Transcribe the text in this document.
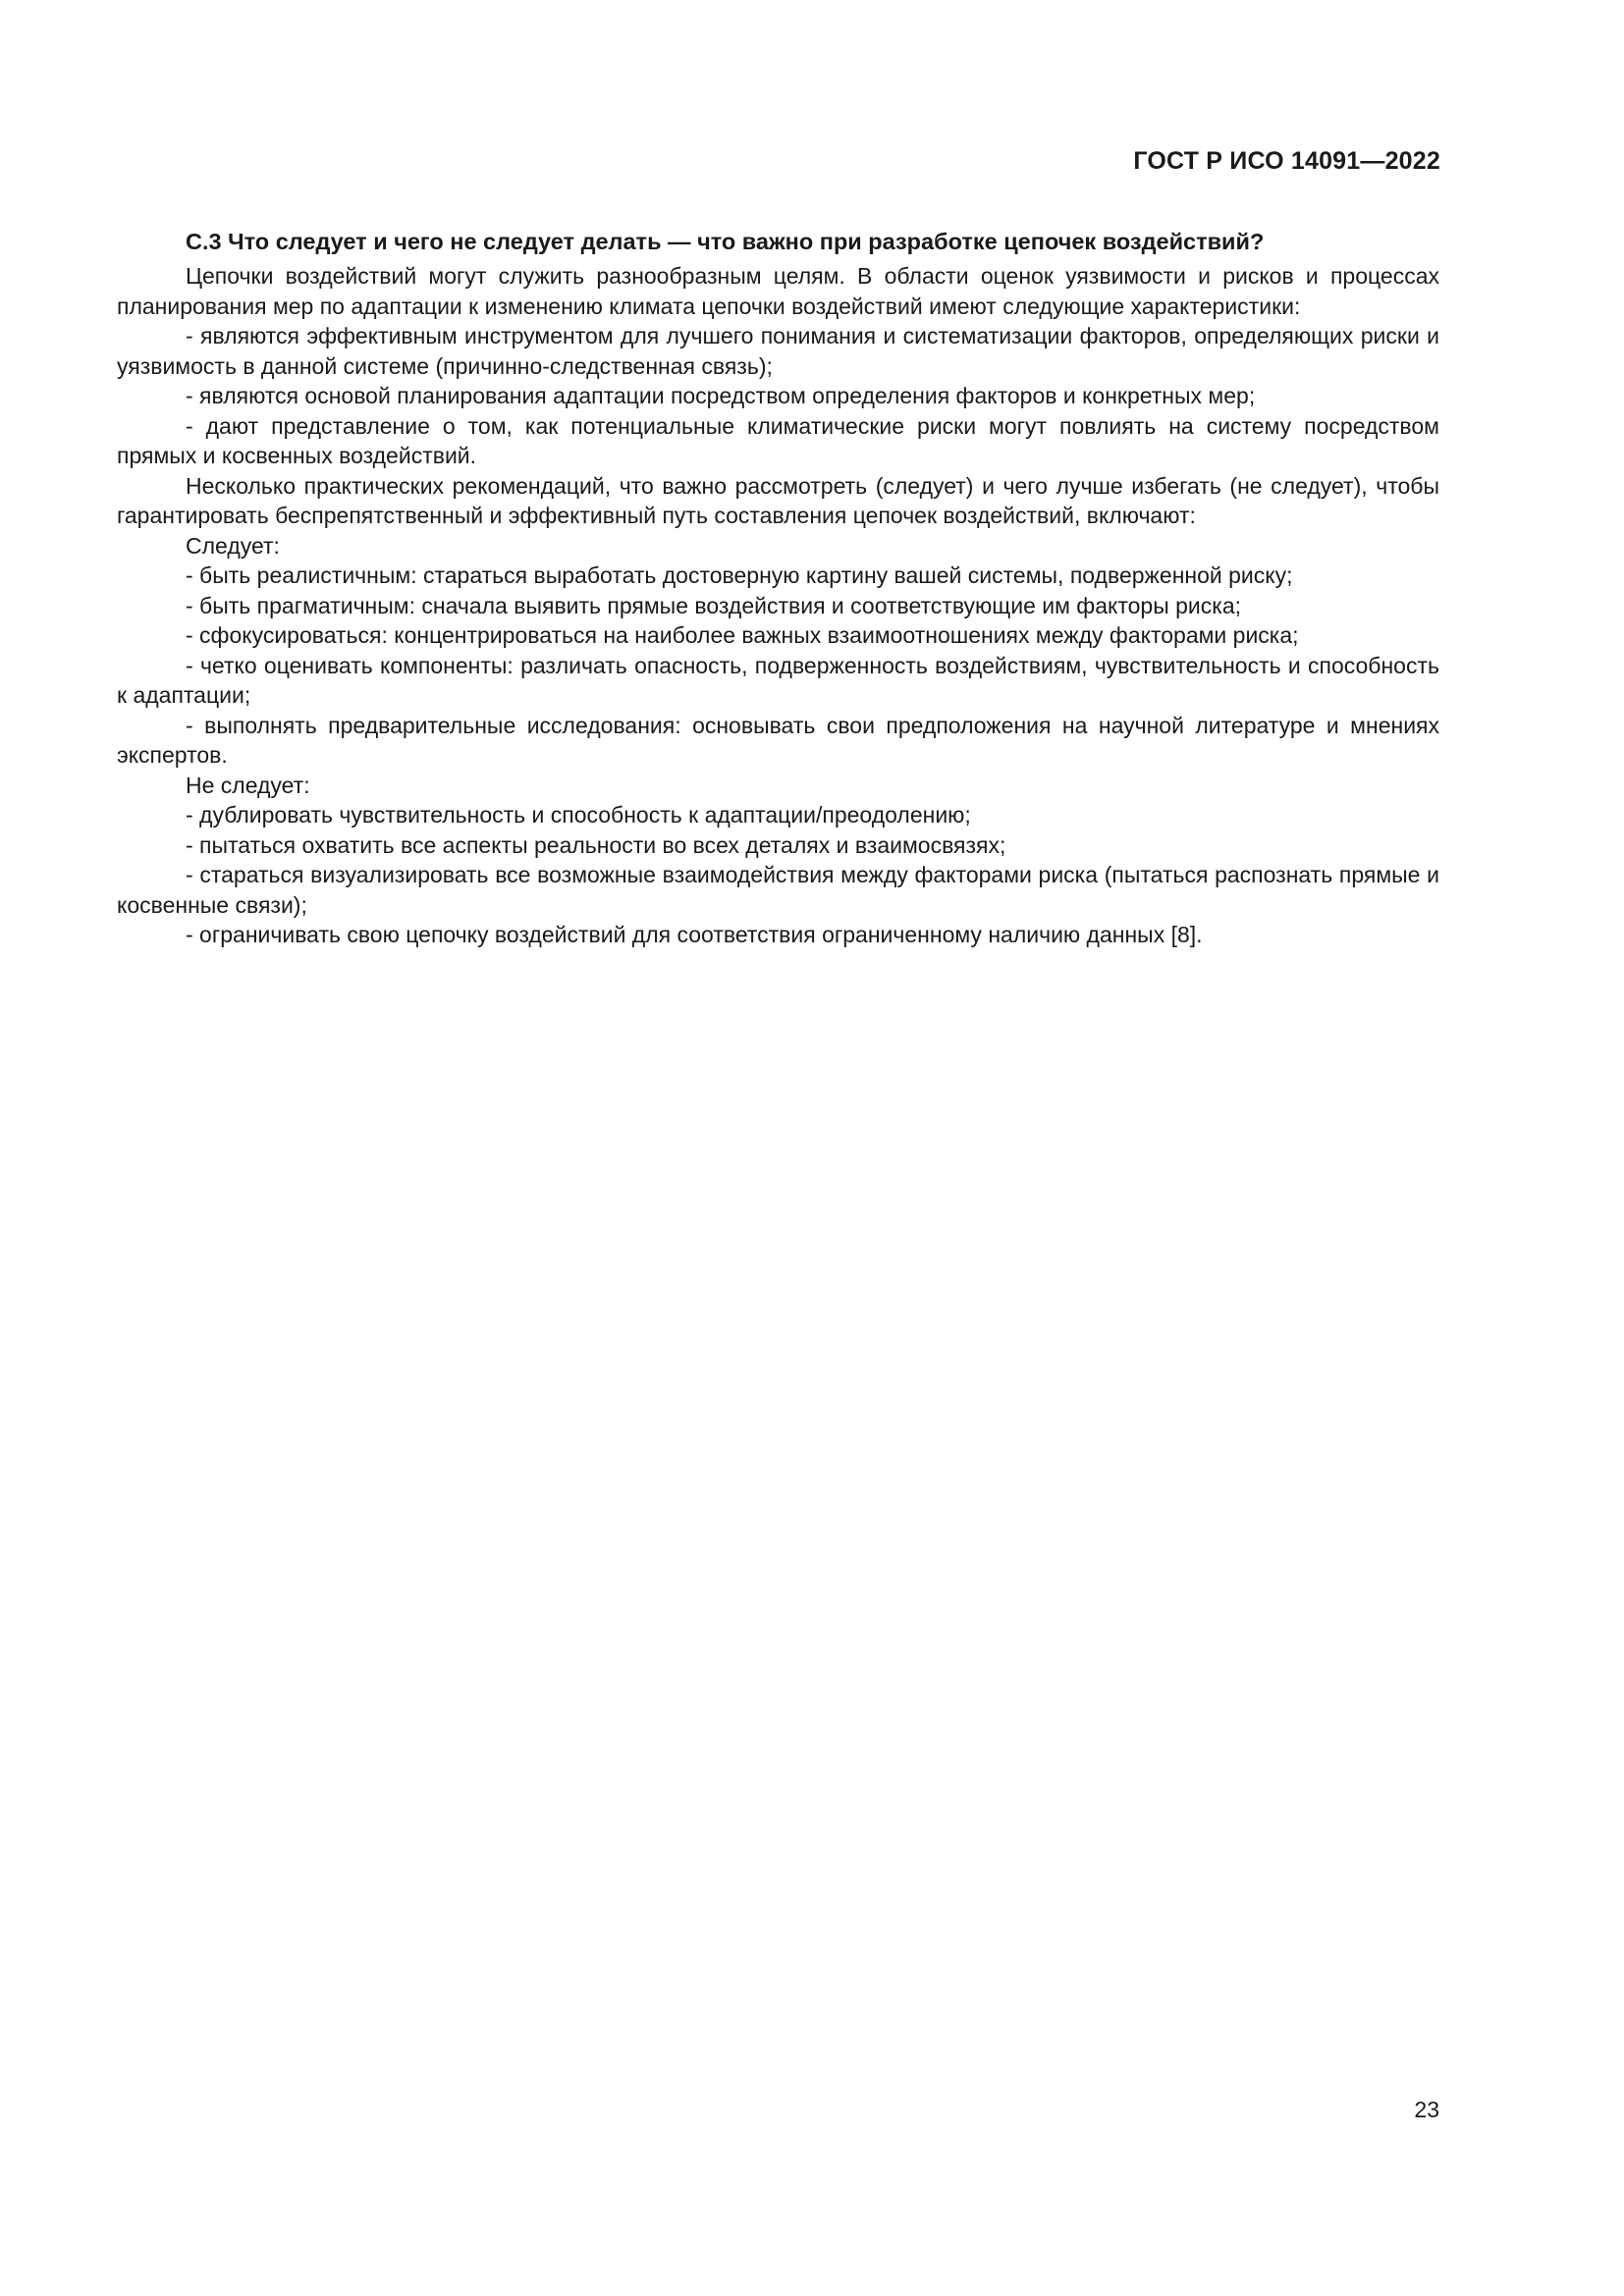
ГОСТ Р ИСО 14091—2022
С.3 Что следует и чего не следует делать — что важно при разработке цепочек воздействий?

Цепочки воздействий могут служить разнообразным целям. В области оценок уязвимости и рисков и процессах планирования мер по адаптации к изменению климата цепочки воздействий имеют следующие характеристики:

- являются эффективным инструментом для лучшего понимания и систематизации факторов, определяющих риски и уязвимость в данной системе (причинно-следственная связь);

- являются основой планирования адаптации посредством определения факторов и конкретных мер;

- дают представление о том, как потенциальные климатические риски могут повлиять на систему посредством прямых и косвенных воздействий.

Несколько практических рекомендаций, что важно рассмотреть (следует) и чего лучше избегать (не следует), чтобы гарантировать беспрепятственный и эффективный путь составления цепочек воздействий, включают:

Следует:

- быть реалистичным: стараться выработать достоверную картину вашей системы, подверженной риску;

- быть прагматичным: сначала выявить прямые воздействия и соответствующие им факторы риска;

- сфокусироваться: концентрироваться на наиболее важных взаимоотношениях между факторами риска;

- четко оценивать компоненты: различать опасность, подверженность воздействиям, чувствительность и способность к адаптации;

- выполнять предварительные исследования: основывать свои предположения на научной литературе и мнениях экспертов.

Не следует:

- дублировать чувствительность и способность к адаптации/преодолению;

- пытаться охватить все аспекты реальности во всех деталях и взаимосвязях;

- стараться визуализировать все возможные взаимодействия между факторами риска (пытаться распознать прямые и косвенные связи);

- ограничивать свою цепочку воздействий для соответствия ограниченному наличию данных [8].

23
